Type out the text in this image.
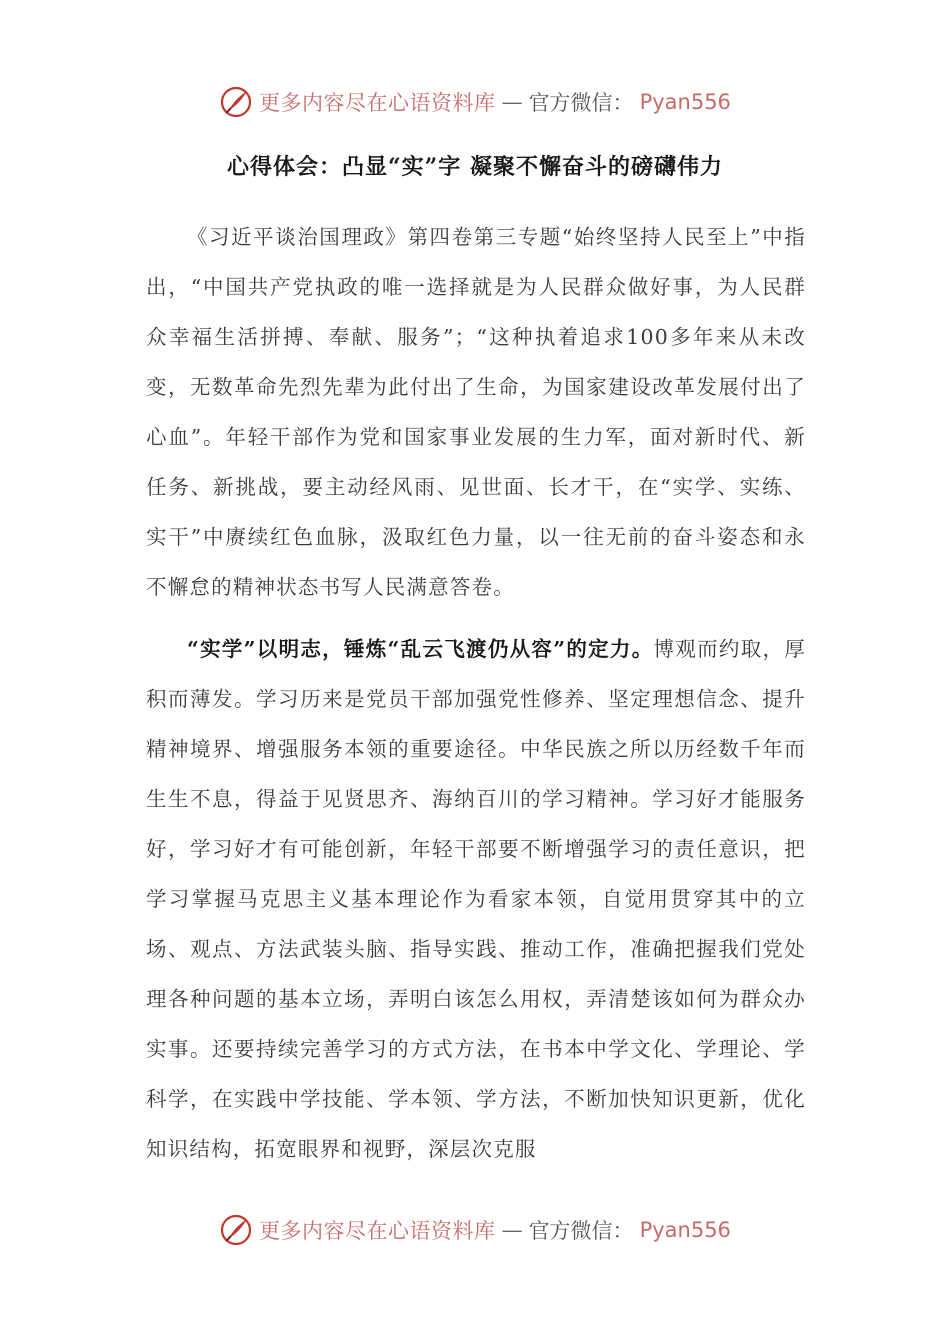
更多内容尽在心语资料库 — 官方微信： Pyan556
心得体会：凸显“实”字 凝聚不懈奋斗的磅礴伟力

《习近平谈治国理政》第四卷第三专题“始终坚持人民至上”中指出，“中国共产党执政的唯一选择就是为人民群众做好事，为人民群众幸福生活拼搏、奉献、服务”；“这种执着追求100多年来从未改变，无数革命先烈先辈为此付出了生命，为国家建设改革发展付出了心血”。年轻干部作为党和国家事业发展的生力军，面对新时代、新任务、新挑战，要主动经风雨、见世面、长才干，在“实学、实练、实干”中赓续红色血脉，汲取红色力量，以一往无前的奋斗姿态和永不懈怠的精神状态书写人民满意答卷。

“实学”以明志，锤炼“乱云飞渡仍从容”的定力。博观而约取，厚积而薄发。学习历来是党员干部加强党性修养、坚定理想信念、提升精神境界、增强服务本领的重要途径。中华民族之所以历经数千年而生生不息，得益于见贤思齐、海纳百川的学习精神。学习好才能服务好，学习好才有可能创新，年轻干部要不断增强学习的责任意识，把学习掌握马克思主义基本理论作为看家本领，自觉用贯穿其中的立场、观点、方法武装头脑、指导实践、推动工作，准确把握我们党处理各种问题的基本立场，弄明白该怎么用权，弄清楚该如何为群众办实事。还要持续完善学习的方式方法，在书本中学文化、学理论、学科学，在实践中学技能、学本领、学方法，不断加快知识更新，优化知识结构，拓宽眼界和视野，深层次克服

更多内容尽在心语资料库 — 官方微信： Pyan556
